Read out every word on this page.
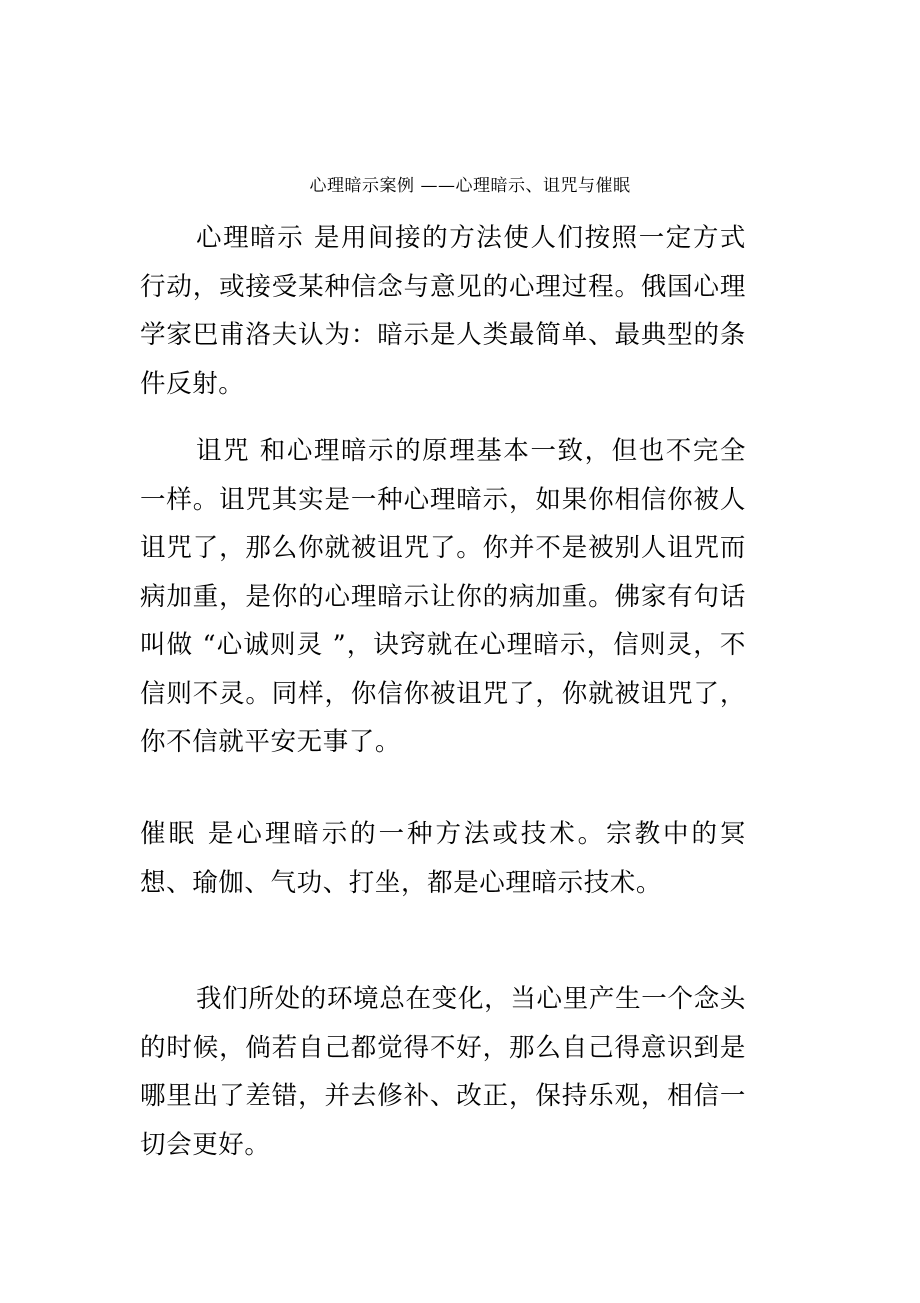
心理暗示案例 ——心理暗示、诅咒与催眠

心理暗示 是用间接的方法使人们按照一定方式行动，或接受某种信念与意见的心理过程。俄国心理学家巴甫洛夫认为：暗示是人类最简单、最典型的条件反射。

诅咒 和心理暗示的原理基本一致，但也不完全一样。诅咒其实是一种心理暗示，如果你相信你被人诅咒了，那么你就被诅咒了。你并不是被别人诅咒而病加重，是你的心理暗示让你的病加重。佛家有句话叫做 “心诚则灵 ”，诀窍就在心理暗示，信则灵，不信则不灵。同样，你信你被诅咒了，你就被诅咒了，你不信就平安无事了。

催眠 是心理暗示的一种方法或技术。宗教中的冥想、瑜伽、气功、打坐，都是心理暗示技术。

我们所处的环境总在变化，当心里产生一个念头的时候，倘若自己都觉得不好，那么自己得意识到是哪里出了差错，并去修补、改正，保持乐观，相信一切会更好。
